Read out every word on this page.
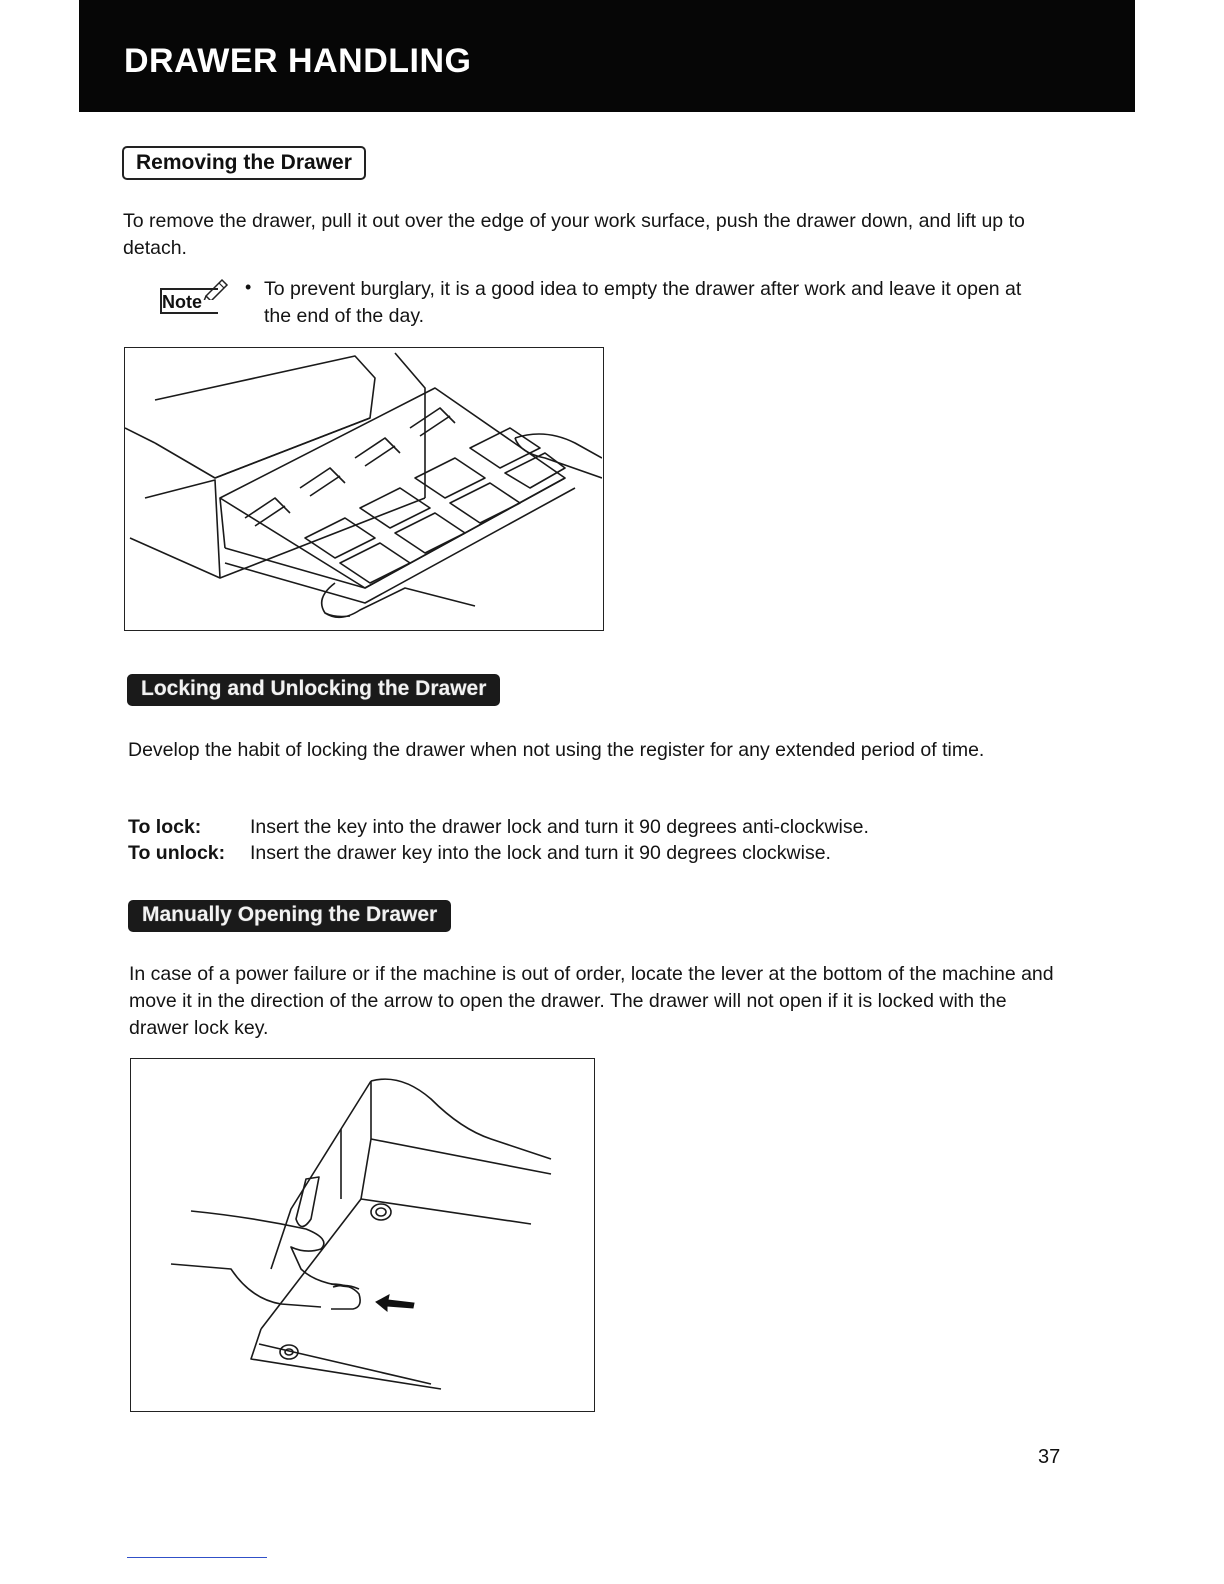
DRAWER HANDLING
Removing the Drawer
To remove the drawer, pull it out over the edge of your work surface, push the drawer down, and lift up to detach.
Note
• To prevent burglary, it is a good idea to empty the drawer after work and leave it open at the end of the day.
Locking and Unlocking the Drawer
Develop the habit of locking the drawer when not using the register for any extended period of time.
To lock: Insert the key into the drawer lock and turn it 90 degrees anti-clockwise.
To unlock: Insert the drawer key into the lock and turn it 90 degrees clockwise.
Manually Opening the Drawer
In case of a power failure or if the machine is out of order, locate the lever at the bottom of the machine and move it in the direction of the arrow to open the drawer. The drawer will not open if it is locked with the drawer lock key.
37
